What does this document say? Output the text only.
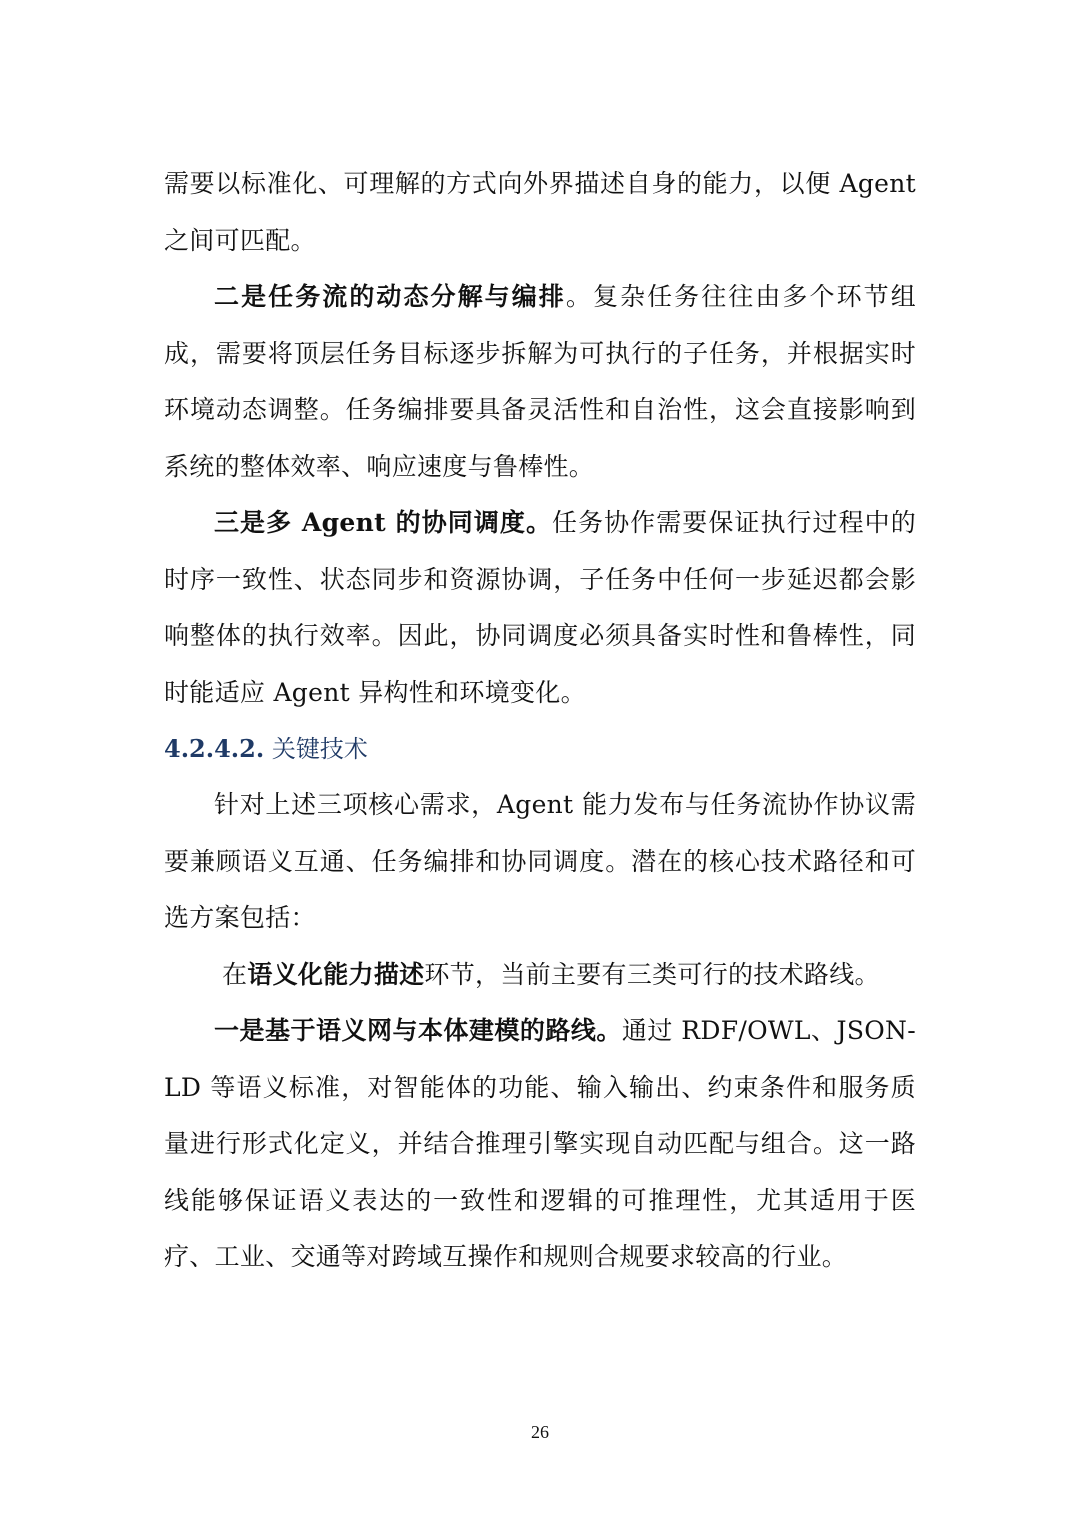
需要以标准化、可理解的方式向外界描述自身的能力，以便 Agent 之间可匹配。

二是任务流的动态分解与编排。复杂任务往往由多个环节组成，需要将顶层任务目标逐步拆解为可执行的子任务，并根据实时环境动态调整。任务编排要具备灵活性和自治性，这会直接影响到系统的整体效率、响应速度与鲁棒性。

三是多 Agent 的协同调度。任务协作需要保证执行过程中的时序一致性、状态同步和资源协调，子任务中任何一步延迟都会影响整体的执行效率。因此，协同调度必须具备实时性和鲁棒性，同时能适应 Agent 异构性和环境变化。

4.2.4.2. 关键技术

针对上述三项核心需求，Agent 能力发布与任务流协作协议需要兼顾语义互通、任务编排和协同调度。潜在的核心技术路径和可选方案包括：

在语义化能力描述环节，当前主要有三类可行的技术路线。

一是基于语义网与本体建模的路线。通过 RDF/OWL、JSON-LD 等语义标准，对智能体的功能、输入输出、约束条件和服务质量进行形式化定义，并结合推理引擎实现自动匹配与组合。这一路线能够保证语义表达的一致性和逻辑的可推理性，尤其适用于医疗、工业、交通等对跨域互操作和规则合规要求较高的行业。

26
